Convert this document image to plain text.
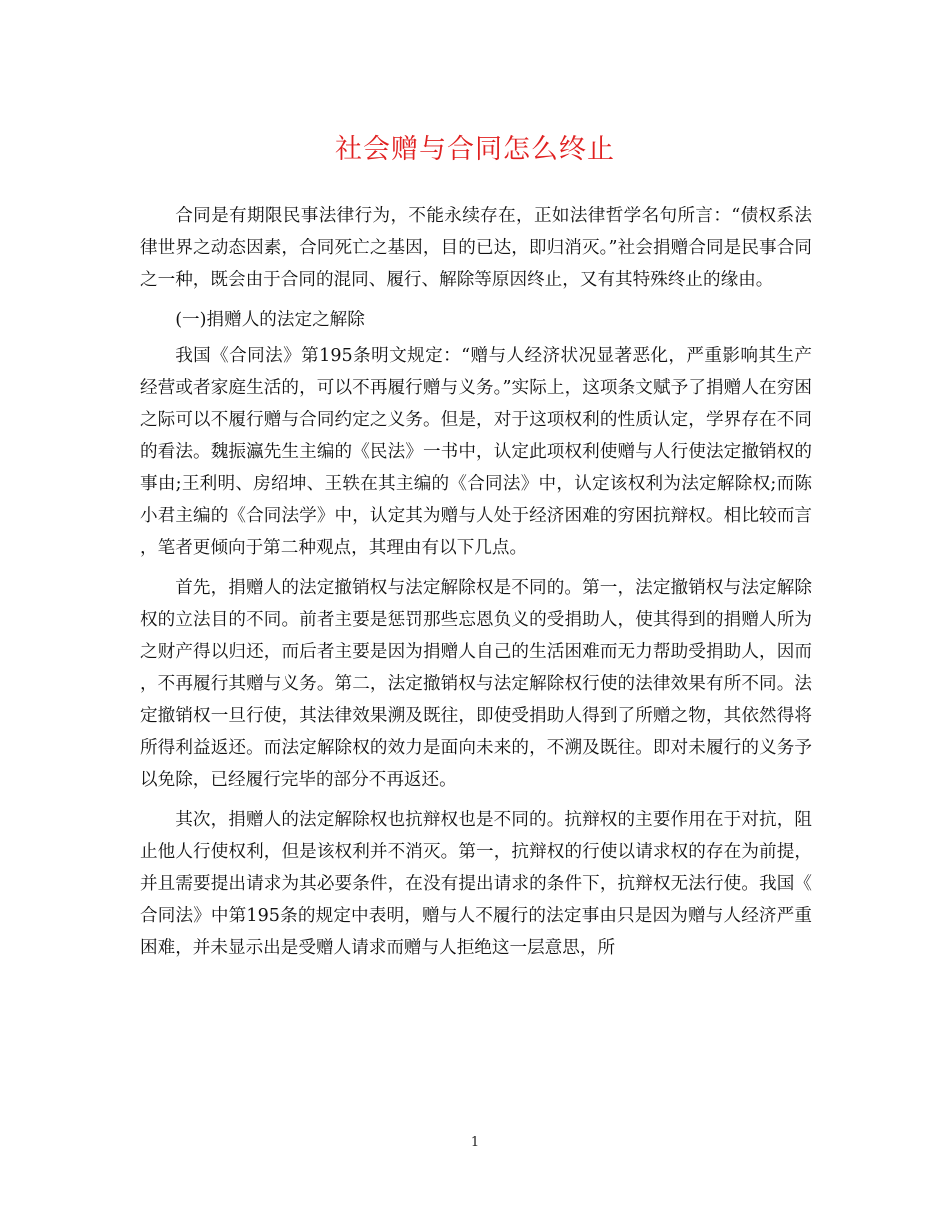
社会赠与合同怎么终止

合同是有期限民事法律行为，不能永续存在，正如法律哲学名句所言：“债权系法律世界之动态因素，合同死亡之基因，目的已达，即归消灭。”社会捐赠合同是民事合同之一种，既会由于合同的混同、履行、解除等原因终止，又有其特殊终止的缘由。

(一)捐赠人的法定之解除

我国《合同法》第195条明文规定：“赠与人经济状况显著恶化，严重影响其生产经营或者家庭生活的，可以不再履行赠与义务。”实际上，这项条文赋予了捐赠人在穷困之际可以不履行赠与合同约定之义务。但是，对于这项权利的性质认定，学界存在不同的看法。魏振瀛先生主编的《民法》一书中，认定此项权利使赠与人行使法定撤销权的事由;王利明、房绍坤、王轶在其主编的《合同法》中，认定该权利为法定解除权;而陈小君主编的《合同法学》中，认定其为赠与人处于经济困难的穷困抗辩权。相比较而言，笔者更倾向于第二种观点，其理由有以下几点。

首先，捐赠人的法定撤销权与法定解除权是不同的。第一，法定撤销权与法定解除权的立法目的不同。前者主要是惩罚那些忘恩负义的受捐助人，使其得到的捐赠人所为之财产得以归还，而后者主要是因为捐赠人自己的生活困难而无力帮助受捐助人，因而，不再履行其赠与义务。第二，法定撤销权与法定解除权行使的法律效果有所不同。法定撤销权一旦行使，其法律效果溯及既往，即使受捐助人得到了所赠之物，其依然得将所得利益返还。而法定解除权的效力是面向未来的，不溯及既往。即对未履行的义务予以免除，已经履行完毕的部分不再返还。

其次，捐赠人的法定解除权也抗辩权也是不同的。抗辩权的主要作用在于对抗，阻止他人行使权利，但是该权利并不消灭。第一，抗辩权的行使以请求权的存在为前提，并且需要提出请求为其必要条件，在没有提出请求的条件下，抗辩权无法行使。我国《合同法》中第195条的规定中表明，赠与人不履行的法定事由只是因为赠与人经济严重困难，并未显示出是受赠人请求而赠与人拒绝这一层意思，所

1
